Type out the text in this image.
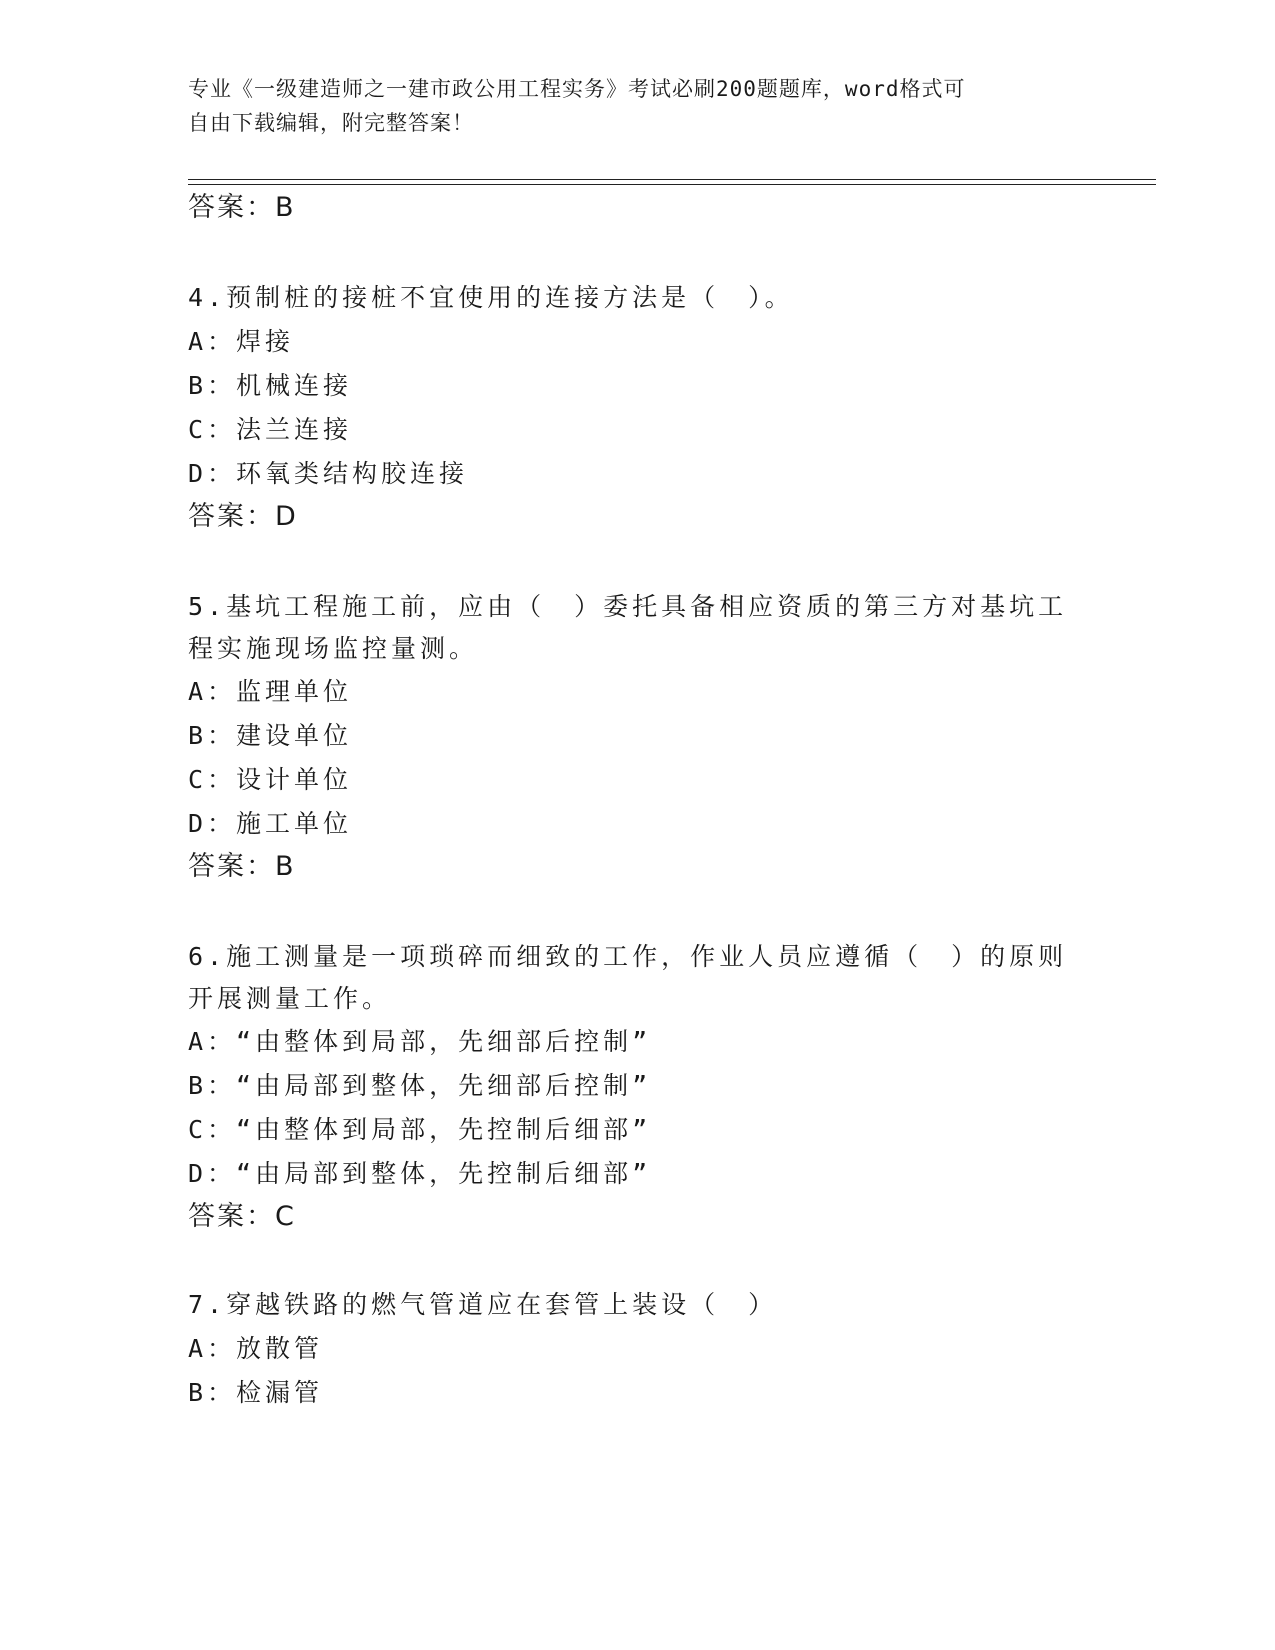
专业《一级建造师之一建市政公用工程实务》考试必刷200题题库，word格式可
自由下载编辑，附完整答案！
答案：B
4.预制桩的接桩不宜使用的连接方法是（　）。
A：焊接
B：机械连接
C：法兰连接
D：环氧类结构胶连接
答案：D
5.基坑工程施工前，应由（　）委托具备相应资质的第三方对基坑工
程实施现场监控量测。
A：监理单位
B：建设单位
C：设计单位
D：施工单位
答案：B
6.施工测量是一项琐碎而细致的工作，作业人员应遵循（　）的原则
开展测量工作。
A：“由整体到局部，先细部后控制”
B：“由局部到整体，先细部后控制”
C：“由整体到局部，先控制后细部”
D：“由局部到整体，先控制后细部”
答案：C
7.穿越铁路的燃气管道应在套管上装设（　）
A：放散管
B：检漏管
